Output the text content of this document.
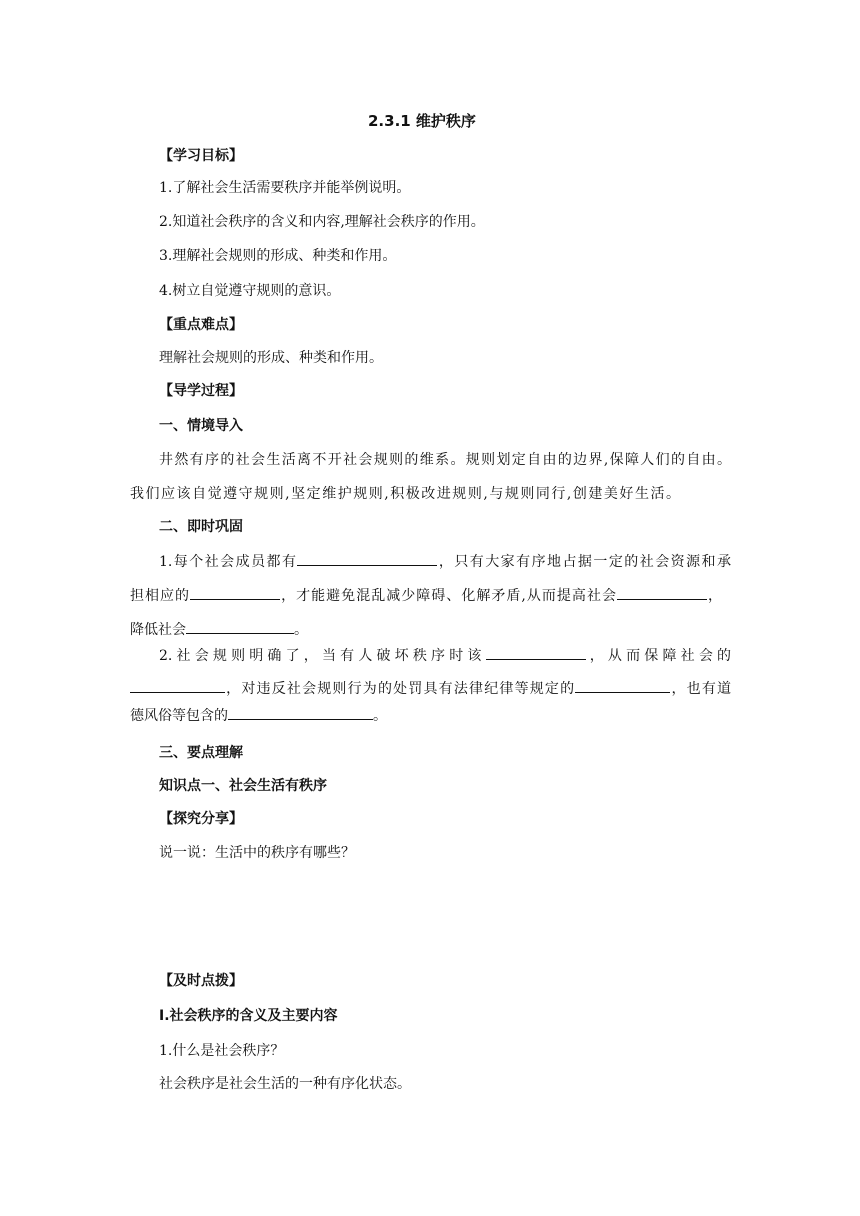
2.3.1 维护秩序
【学习目标】
1.了解社会生活需要秩序并能举例说明。
2.知道社会秩序的含义和内容,理解社会秩序的作用。
3.理解社会规则的形成、种类和作用。
4.树立自觉遵守规则的意识。
【重点难点】
理解社会规则的形成、种类和作用。
【导学过程】
一、情境导入
井然有序的社会生活离不开社会规则的维系。规则划定自由的边界,保障人们的自由。
我们应该自觉遵守规则,坚定维护规则,积极改进规则,与规则同行,创建美好生活。
二、即时巩固
1.每个社会成员都有	，只有大家有序地占据一定的社会资源和承
担相应的	，才能避免混乱减少障碍、化解矛盾,从而提高社会	，
降低社会	。
2.社会规则明确了，当有人破坏秩序时该	，从而保障社会的
，对违反社会规则行为的处罚具有法律纪律等规定的	，也有道
德风俗等包含的	。
三、要点理解
知识点一、社会生活有秩序
【探究分享】
说一说：生活中的秩序有哪些？
【及时点拨】
Ⅰ.社会秩序的含义及主要内容
1.什么是社会秩序？
社会秩序是社会生活的一种有序化状态。
